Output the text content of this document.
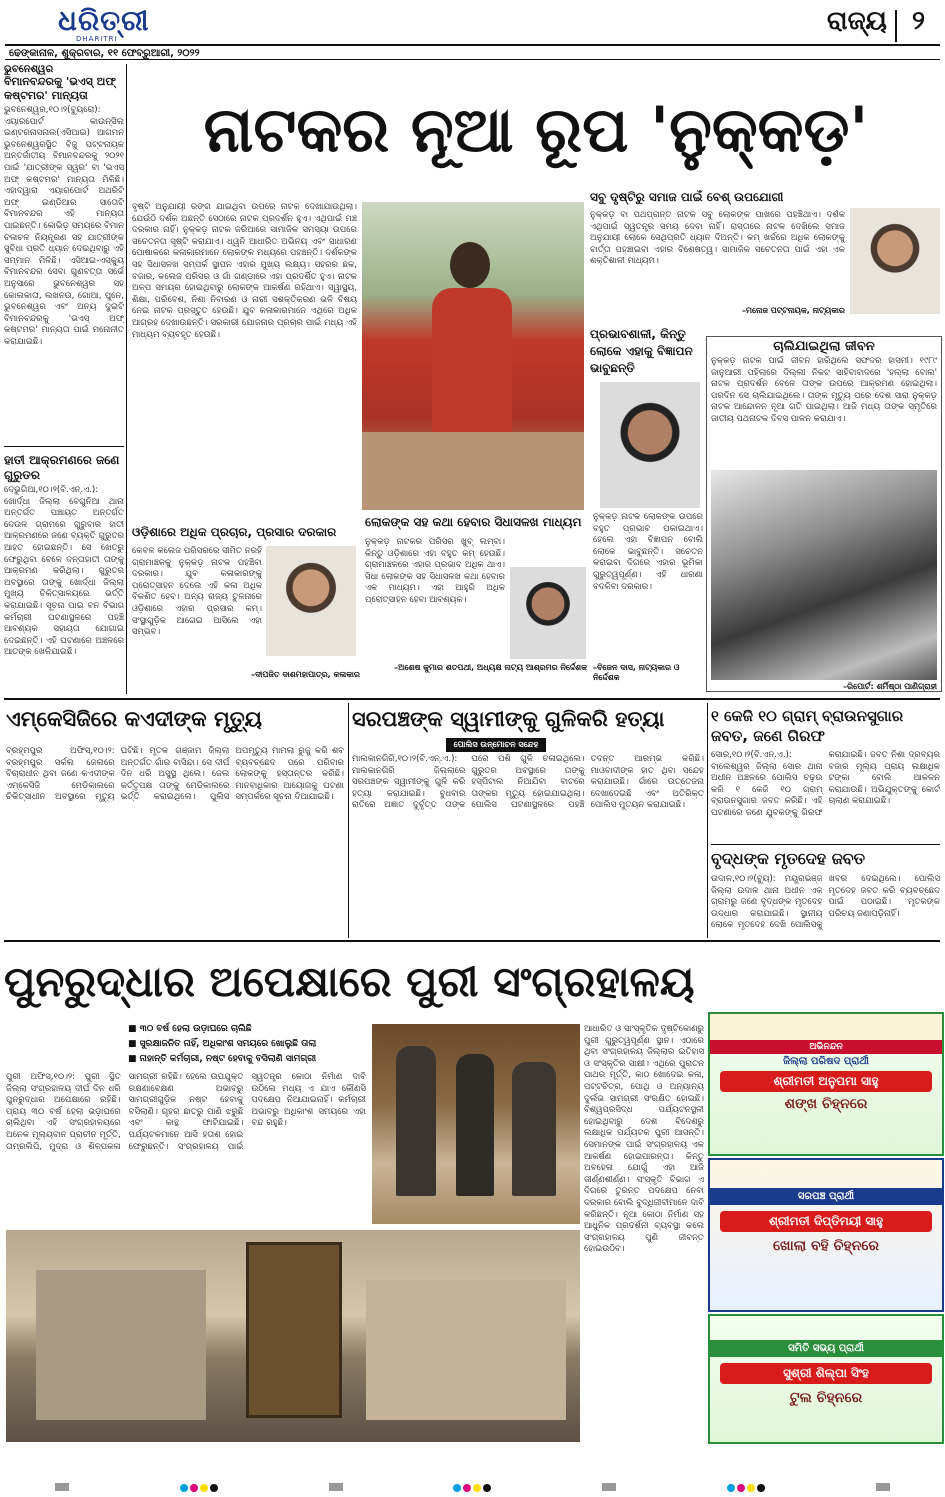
ଧରିତ୍ରୀ
DHARITRI
ରାଜ୍ୟ ୨
ଢେଙ୍କାନାଳ, ଶୁକ୍ରବାର, ୧୧ ଫେବ୍ରୁଆରୀ, ୨୦୨୨
ଭୁବନେଶ୍ୱର
ବିମାନବନ୍ଦରକୁ 'ଭଏସ୍ ଅଫ୍ କଷ୍ଟମର' ମାନ୍ୟତା
ଭୁବନେଶ୍ୱର,୧୦।୨(ବ୍ୟୁରୋ): ଏୟାରପୋର୍ଟ କାଉନ୍ସିଲ ଇଣ୍ଟରନାସନାଲ(ଏସିଆଇ) ଆଗମନ ଭୁବନେଶ୍ୱରସ୍ଥିତ ବିଜୁ ପଟ୍ଟନାୟକ ଅନ୍ତର୍ଜାତୀୟ ବିମାନବନ୍ଦରକୁ ୨୦୨୧ ପାଇଁ 'ଯାତ୍ରୀଙ୍କ ସ୍ୱର' ବା 'ଭଏସ୍ ଅଫ୍ କଷ୍ଟମର' ମାନ୍ୟତା ମିଳିଛି। ଏହାଦ୍ୱାରା ଏୟାରପୋର୍ଟ ଅଥରିଟି ଅଫ୍ ଇଣ୍ଡିଆର ସାତୋଟି ବିମାନବନ୍ଦର ଏହି ମାନ୍ୟତା ପାଇଛନ୍ତି। କୋଭିଡ଼ ସମୟରେ ବିମାନ ଚଳାଚଳ ନିୟନ୍ତ୍ରଣ ସହ ଯାତ୍ରୀଙ୍କ ସୁବିଧା ପ୍ରତି ଧ୍ୟାନ ଦେଇଥିବାରୁ ଏହି ସମ୍ମାନ ମିଳିଛି। ଏସିଆଇ-ଏସ୍‌କ୍ୟୁ ବିମାନବନ୍ଦର ସେବା ଗୁଣବତ୍ତା ସର୍ଭେ ଅନୁସାରେ ଭୁବନେଶ୍ୱର ସହ କୋଲକାତା, ଲଖନଉ, ଗୋଆ, ପୁନେ, ଭୁବନେଶ୍ୱର ଏବଂ ଅନ୍ୟ ଦୁଇଟି ବିମାନବନ୍ଦରକୁ 'ଭଏସ୍ ଅଫ୍ କଷ୍ଟମର' ମାନ୍ୟତା ପାଇଁ ମନୋନୀତ କରାଯାଇଛି।
ହାତୀ ଆକ୍ରମଣରେ ଜଣେ ଗୁରୁତର
ଦେଭୁଗିଆ,୧୦।୨(ବି.ଏନ୍.ଏ.): ଖୋର୍ଦ୍ଧା ଜିଲ୍ଲା ବେଗୁନିଆ ଥାନା ଅନ୍ତର୍ଗତ ପଞ୍ଚାୟତ ଅନ୍ତର୍ଗତ ଦେଉଳ ଗ୍ରାମରେ ଗୁରୁବାର ହାତୀ ଆକ୍ରମଣରେ ଜଣେ ବ୍ୟକ୍ତି ଗୁରୁତର ଆହତ ହୋଇଛନ୍ତି। ସେ ଖେତରୁ ଫେରୁଥିବା ବେଳେ ଦନ୍ତାହାତୀ ତାଙ୍କୁ ଆକ୍ରମଣ କରିଥିଲା। ଗୁରୁତର ଅବସ୍ଥାରେ ତାଙ୍କୁ ଖୋର୍ଦ୍ଧା ଜିଲ୍ଲା ମୁଖ୍ୟ ଚିକିତ୍ସାଳୟରେ ଭର୍ତ୍ତି କରାଯାଇଛି। ସୂଚନା ପାଇ ବନ ବିଭାଗ କର୍ମଚାରୀ ଘଟଣାସ୍ଥଳରେ ପହଞ୍ଚି ଆବଶ୍ୟକ ସହାୟତା ଯୋଗାଇ ଦେଇଛନ୍ତି। ଏହି ଘଟଣାରେ ଅଞ୍ଚଳରେ ଆତଙ୍କ ଖେଳିଯାଇଛି।
ନାଟକର ନୂଆ ରୂପ 'ନୁକ୍କଡ଼'
ବୃଷ୍ଟି ଅନୁଯାୟୀ ରଙ୍ଗ ଯାଇଥିବା ଉପରେ ନାଟକ ଦେଖାଯାଉଥିଲା। ଯେଉଁଠି ଦର୍ଶକ ଅଛନ୍ତି ସେଠାରେ ନାଟକ ପ୍ରଦର୍ଶନ ହୁଏ। ଏଥିପାଇଁ ମଞ୍ଚ ଦରକାର ନାହିଁ। ନୁକ୍କଡ଼ ନାଟକ ଜରିଆରେ ସାମାଜିକ ସମସ୍ୟା ଉପରେ ସଚେତନତା ସୃଷ୍ଟି କରାଯାଏ। ଧ୍ୱନି ଆଧାରିତ ଅଭିନୟ ଏବଂ ସାଧାରଣ ପୋଷାକରେ କଳାକାରମାନେ ଲୋକଙ୍କ ମଧ୍ୟରେ ପହଞ୍ଚନ୍ତି। ଦର୍ଶକଙ୍କ ସହ ସିଧାସଳଖ ସମ୍ପର୍କ ସ୍ଥାପନ ଏହାର ମୁଖ୍ୟ ଲକ୍ଷ୍ୟ। ସହରର ଛକ, ବଜାର, କଲେଜ ପରିସର ଓ ଗାଁ ଗଣ୍ଡାରେ ଏହା ପ୍ରଦର୍ଶିତ ହୁଏ। ନାଟକ ଅଳ୍ପ ସମୟର ହୋଇଥିବାରୁ ଲୋକଙ୍କ ଆକର୍ଷଣ ରହିଥାଏ। ସ୍ୱାସ୍ଥ୍ୟ, ଶିକ୍ଷା, ପରିବେଶ, ନିଶା ନିବାରଣ ଓ ନାରୀ ସଶକ୍ତିକରଣ ଭଳି ବିଷୟ ନେଇ ନାଟକ ପ୍ରସ୍ତୁତ ହେଉଛି। ଯୁବ କଳାକାରମାନେ ଏଥିରେ ଅଧିକ ଆଗ୍ରହ ଦେଖାଉଛନ୍ତି। ସରକାରୀ ଯୋଜନାର ପ୍ରଚାର ପାଇଁ ମଧ୍ୟ ଏହି ମାଧ୍ୟମ ବ୍ୟବହୃତ ହେଉଛି।
ଓଡ଼ିଶାରେ ଅଧିକ ପ୍ରଚାର, ପ୍ରସାର ଦରକାର
କେବଳ କଲେଜ ପରିସରରେ ସୀମିତ ନରହି ଗ୍ରାମାଞ୍ଚଳକୁ ନୁକ୍କଡ଼ ନାଟକ ପହଞ୍ଚିବା ଦରକାର। ଯୁବ କଳାକାରଙ୍କୁ ପ୍ରୋତ୍ସାହନ ଦେଲେ ଏହି କଳା ଅଧିକ ବିକଶିତ ହେବ। ଅନ୍ୟ ରାଜ୍ୟ ତୁଳନାରେ ଓଡ଼ିଶାରେ ଏହାର ପ୍ରସାର କମ୍। ସଂସ୍ଥାଗୁଡ଼ିକ ଆଗେଇ ଆସିଲେ ଏହା ସମ୍ଭବ।
–ଦୀପଜିତ ଦାଶମହାପାତ୍ର, କଳାକାର
ଲୋକଙ୍କ ସହ କଥା ହେବାର ସିଧାସଳଖ ମାଧ୍ୟମ
ନୁକ୍କଡ଼ ନାଟକର ପରିସର ଖୁବ୍ ଲମ୍ବା। କିନ୍ତୁ ଓଡ଼ିଶାରେ ଏହା ବହୁତ କମ୍ ହେଉଛି। ଗ୍ରାମାଞ୍ଚଳରେ ଏହାର ପ୍ରଭାବ ଅଧିକ ଥାଏ। ସିଧା ଲୋକଙ୍କ ସହ ସିଧାସଳଖ କଥା ହେବାର ଏକ ମାଧ୍ୟମ। ଏହା ଆହୁରି ଅଧିକ ପ୍ରୋତ୍ସାହନ ହେବା ଆବଶ୍ୟକ।
–ଅଶେଷ କୁମାର ଶତପଥୀ, ଅଧ୍ୟକ୍ଷ ନାଟ୍ୟ ଆଶ୍ରମର ନିର୍ଦ୍ଦେଶକ
ସବୁ ଦୃଷ୍ଟିରୁ ସମାଜ ପାଇଁ ବେଶ୍ ଉପଯୋଗୀ
ନୁକ୍କଡ଼ ବା ପଥପ୍ରାନ୍ତ ନାଟକ ସବୁ ଲୋକଙ୍କ ପାଖରେ ପହଞ୍ଚିଥାଏ। ଦର୍ଶକ ଏଥିପାଇଁ ସ୍ୱତନ୍ତ୍ର ସମୟ ଦେବା ନାହିଁ। ରାସ୍ତାରେ ନାଟକ ଦେଖିଲେ ସମାଜ ଅନୁଯାୟୀ ଲୋକେ ସେଥିପ୍ରତି ଧ୍ୟାନ ଦିଅନ୍ତି। କମ୍ ଖର୍ଚ୍ଚରେ ଅଧିକ ଲୋକଙ୍କୁ ବାର୍ତ୍ତା ପହଞ୍ଚାଇବା ଏହାର ବିଶେଷତ୍ୱ। ସାମାଜିକ ସଚେତନତା ପାଇଁ ଏହା ଏକ ଶକ୍ତିଶାଳୀ ମାଧ୍ୟମ।
–ମନୋଜ ପଟ୍ଟନାୟକ, ନାଟ୍ୟକାର
ପ୍ରଭାବଶାଳୀ, କିନ୍ତୁ ଲୋକେ ଏହାକୁ ବିଜ୍ଞାପନ ଭାବୁଛନ୍ତି
ନୁକ୍କଡ଼ ନାଟକ ଲୋକଙ୍କ ଉପରେ ବହୁତ ପ୍ରଭାବ ପକାଇଥାଏ। ହେଲେ ଏହା ବିଜ୍ଞାପନ ବୋଲି ଲୋକେ ଭାବୁଛନ୍ତି। ସଚେତନ କରାଇବା ଦିଗରେ ଏହାର ଭୂମିକା ଗୁରୁତ୍ୱପୂର୍ଣ୍ଣ। ଏହି ଧାରଣା ବଦଳିବା ଦରକାର।
–ବିଜେନ ଦାସ, ନାଟ୍ୟକାର ଓ ନିର୍ଦ୍ଦେଶକ
ଚାଲିଯାଇଥିଲା ଜୀବନ
ନୁକ୍କଡ଼ ନାଟକ ପାଇଁ ଜୀବନ ହାରିଥିଲେ ସଫଦର ହାସମୀ। ୧୯୮୯ ଜାନୁଆରୀ ପହିଲାରେ ଦିଲ୍ଲୀ ନିକଟ ସାହିବାବାଦରେ 'ହଲ୍ଲା ବୋଲ' ନାଟକ ପ୍ରଦର୍ଶନ ବେଳେ ତାଙ୍କ ଉପରେ ଆକ୍ରମଣ ହୋଇଥିଲା। ପରଦିନ ସେ ଚାଲିଯାଇଥିଲେ। ତାଙ୍କ ମୃତ୍ୟୁ ପରେ ଦେଶ ସାରା ନୁକ୍କଡ଼ ନାଟକ ଆନ୍ଦୋଳନ ନୂଆ ଗତି ପାଇଥିଲା। ଆଜି ମଧ୍ୟ ତାଙ୍କ ସ୍ମୃତିରେ ଜାତୀୟ ପଥନାଟକ ଦିବସ ପାଳନ କରାଯାଏ।
–ରିପୋର୍ଟ: ଶର୍ମିଷ୍ଠା ପାଣିଗ୍ରାହୀ
ଏମ୍‌କେସିଜିରେ କଏଦୀଙ୍କ ମୃତ୍ୟୁ
ବ୍ରହ୍ମପୁର ଅଫିସ୍,୧୦।୨: ବ୍ରହ୍ମପୁର ସର୍କଲ ଜେଲରେ ବିଚାରାଧୀନ ଥିବା ଜଣେ କଏଦୀଙ୍କ ଏମ୍‌କେସିଜି ମେଡିକାଲରେ ଚିକିତ୍ସାଧୀନ ଅବସ୍ଥାରେ ମୃତ୍ୟୁ ଘଟିଛି। ମୃତକ ଗଞ୍ଜାମ ଜିଲ୍ଲା ଅନ୍ତର୍ଗତ ଗାଁର ବାସିନ୍ଦା। ସେ ଦୀର୍ଘ ଦିନ ଧରି ଅସୁସ୍ଥ ଥିଲେ। ଜେଲ କର୍ତ୍ତୃପକ୍ଷ ତାଙ୍କୁ ମେଡିକାଲରେ ଭର୍ତ୍ତି କରାଇଥିଲେ। ପୁଲିସ ଅପମୃତ୍ୟୁ ମାମଲା ରୁଜୁ କରି ଶବ ବ୍ୟବଚ୍ଛେଦ ପରେ ପରିବାର ଲୋକଙ୍କୁ ହସ୍ତାନ୍ତର କରିଛି। ମାନବାଧିକାର ଆୟୋଗକୁ ଘଟଣା ସମ୍ପର୍କରେ ସୂଚନା ଦିଆଯାଇଛି।
ସରପଞ୍ଚଙ୍କ ସ୍ୱାମୀଙ୍କୁ ଗୁଳିକରି ହତ୍ୟା
ପୋଲିସ ଉନ୍ମୋଚନ ସନ୍ଦେହ
ମାଲକାନଗିରି,୧୦।୨(ବି.ଏନ୍.ଏ.): ମାଲକାନଗିରି ଜିଲ୍ଲାରେ ସରପଞ୍ଚଙ୍କ ସ୍ୱାମୀଙ୍କୁ ଗୁଳି କରି ହତ୍ୟା କରାଯାଇଛି। ବୁଧବାର ରାତିରେ ଅଜ୍ଞାତ ଦୁର୍ବୃତ୍ତ ତାଙ୍କ ଘରେ ପଶି ଗୁଳି ଚଳାଇଥିଲେ। ଗୁରୁତର ଅବସ୍ଥାରେ ତାଙ୍କୁ ହସ୍ପିଟାଲ ନିଆଯିବା ବାଟରେ ତାଙ୍କର ମୃତ୍ୟୁ ହୋଇଯାଇଥିଲା। ପୋଲିସ ଘଟଣାସ୍ଥଳରେ ପହଞ୍ଚି ତଦନ୍ତ ଆରମ୍ଭ କରିଛି। ମାଓବାଦୀଙ୍କ ହାତ ଥିବା ସନ୍ଦେହ କରାଯାଉଛି। ଗାଁରେ ଉତ୍ତେଜନା ଦେଖାଦେଇଛି ଏବଂ ଅତିରିକ୍ତ ପୋଲିସ ମୁତୟନ କରାଯାଇଛି।
୧ କେଜି ୧୦ ଗ୍ରାମ୍ ବ୍ରାଉନସୁଗାର ଜବତ, ଜଣେ ଗିରଫ
ସୋର,୧୦।୨(ବି.ଏନ୍.ଏ.): ବାଲେଶ୍ୱର ଜିଲ୍ଲା ସୋର ଥାନା ଅଧୀନ ଅଞ୍ଚଳରେ ପୋଲିସ ଚଢ଼ଉ କରି ୧ କେଜି ୧୦ ଗ୍ରାମ୍ ବ୍ରାଉନସୁଗାର ଜବତ କରିଛି। ଏହି ଘଟଣାରେ ଜଣେ ଯୁବକଙ୍କୁ ଗିରଫ କରାଯାଇଛି। ଜବତ ନିଶା ଦ୍ରବ୍ୟର ବଜାର ମୂଲ୍ୟ ପ୍ରାୟ ଲକ୍ଷାଧିକ ଟଙ୍କା ବୋଲି ଆକଳନ କରାଯାଉଛି। ଅଭିଯୁକ୍ତଙ୍କୁ କୋର୍ଟ ଚାଲାଣ କରାଯାଇଛି।
ବୃଦ୍ଧଙ୍କ ମୃତଦେହ ଜବତ
ଉଦାଳ,୧୦।୨(ବ୍ୟୁ): ମୟୂରଭଞ୍ଜ ଜିଲ୍ଲା ଉଦାଳ ଥାନା ଅଧୀନ ଏକ ଗ୍ରାମରୁ ଜଣେ ବୃଦ୍ଧଙ୍କ ମୃତଦେହ ଉଦ୍ଧାର କରାଯାଇଛି। ସ୍ଥାନୀୟ ଲୋକେ ମୃତଦେହ ଦେଖି ପୋଲିସକୁ ଖବର ଦେଇଥିଲେ। ପୋଲିସ ମୃତଦେହ ଜବତ କରି ବ୍ୟବଚ୍ଛେଦ ପାଇଁ ପଠାଇଛି। ମୃତକଙ୍କ ପରିଚୟ ଜଣାପଡ଼ିନାହିଁ।
ପୁନରୁଦ୍ଧାର ଅପେକ୍ଷାରେ ପୁରୀ ସଂଗ୍ରହାଳୟ
■ ୩୦ ବର୍ଷ ହେଲା ଉଡ଼ାଘରେ ଚାଲିଛି
■ ସୁରକ୍ଷାଜନିତ ନାହିଁ, ଅଧିକାଂଶ ସମୟରେ ଖୋଲୁଛି ତାଲା
■ ନାହାନ୍ତି କର୍ମଚାରୀ, ନଷ୍ଟ ହେବାକୁ ବସିଲାଣି ସାମଗ୍ରୀ
ପୁରୀ ଅଫିସ୍,୧୦।୨: ପୁରୀ ସ୍ଥିତ ଜିଲ୍ଲା ସଂଗ୍ରହାଳୟ ଦୀର୍ଘ ଦିନ ଧରି ପୁନରୁଦ୍ଧାର ଅପେକ୍ଷାରେ ରହିଛି। ପ୍ରାୟ ୩୦ ବର୍ଷ ହେଲା ଭଡ଼ାଘରେ ଚାଲିଥିବା ଏହି ସଂଗ୍ରହାଳୟରେ ଅନେକ ମୂଲ୍ୟବାନ ପ୍ରାଚୀନ ମୂର୍ତ୍ତି, ତାମ୍ରଲିପି, ମୁଦ୍ରା ଓ ଶିଳ୍ପକଳା ସାମଗ୍ରୀ ରହିଛି। ହେଲେ ଉପଯୁକ୍ତ ରକ୍ଷଣାବେକ୍ଷଣ ଅଭାବରୁ ସାମଗ୍ରୀଗୁଡ଼ିକ ନଷ୍ଟ ହେବାକୁ ବସିଲାଣି। ଗୃହର ଛାତରୁ ପାଣି ଝରୁଛି ଏବଂ କାନ୍ଥ ଫାଟିଯାଇଛି। ପର୍ଯ୍ୟଟକମାନେ ଆସି ହତାଶ ହୋଇ ଫେରୁଛନ୍ତି। ସଂଗ୍ରହାଳୟ ପାଇଁ ସ୍ୱତନ୍ତ୍ର କୋଠା ନିର୍ମାଣ ଦାବି ଉଠିଲେ ମଧ୍ୟ ଏ ଯାଏ କୌଣସି ପଦକ୍ଷେପ ନିଆଯାଇନାହିଁ। କର୍ମଚାରୀ ଅଭାବରୁ ଅଧିକାଂଶ ସମୟରେ ଏହା ବନ୍ଦ ରହୁଛି।
ଆଧାରିତ ଓ ସାଂସ୍କୃତିକ ଦୃଷ୍ଟିକୋଣରୁ ପୁରୀ ଗୁରୁତ୍ୱପୂର୍ଣ୍ଣ ସ୍ଥାନ। ଏଠାରେ ଥିବା ସଂଗ୍ରହାଳୟ ଜିଲ୍ଲାର ଇତିହାସ ଓ ସଂସ୍କୃତିର ସାକ୍ଷୀ। ଏଥିରେ ପୁରାତନ ପାଥର ମୂର୍ତ୍ତି, କାଠ ଖୋଦେଇ କଳା, ପଟ୍ଟଚିତ୍ର, ପୋଥି ଓ ଅନ୍ୟାନ୍ୟ ଦୁର୍ଲଭ ସାମଗ୍ରୀ ସଂରକ୍ଷିତ ହୋଇଛି। ବିଶ୍ୱପ୍ରସିଦ୍ଧ ପର୍ଯ୍ୟଟନସ୍ଥଳୀ ହୋଇଥିବାରୁ ଦେଶ ବିଦେଶରୁ ଲକ୍ଷାଧିକ ପର୍ଯ୍ୟଟକ ପୁରୀ ଆସନ୍ତି। ସେମାନଙ୍କ ପାଇଁ ସଂଗ୍ରହାଳୟ ଏକ ଆକର୍ଷଣ ହୋଇପାରନ୍ତା। କିନ୍ତୁ ଅବହେଳା ଯୋଗୁଁ ଏହା ଆଜି ଜୀର୍ଣ୍ଣଶୀର୍ଣ୍ଣ। ସଂସ୍କୃତି ବିଭାଗ ଏ ଦିଗରେ ତୁରନ୍ତ ପଦକ୍ଷେପ ନେବା ଦରକାର ବୋଲି ବୁଦ୍ଧିଜୀବୀମାନେ ଦାବି କରିଛନ୍ତି। ନୂଆ କୋଠା ନିର୍ମାଣ ସହ ଆଧୁନିକ ପ୍ରଦର୍ଶନୀ ବ୍ୟବସ୍ଥା କଲେ ସଂଗ୍ରହାଳୟ ପୁଣି ଜୀବନ୍ତ ହୋଇଉଠିବ।
ଅଭିନନ୍ଦନ
ଜିଲ୍ଲା ପରିଷଦ ପ୍ରାର୍ଥୀ
ଶ୍ରୀମତୀ ଅନୁପମା ସାହୁ
ଶଙ୍ଖ ଚିହ୍ନରେ
ସରପଞ୍ଚ ପ୍ରାର୍ଥୀ
ଶ୍ରୀମତୀ ଦିପ୍ତିମୟୀ ସାହୁ
ଖୋଲା ବହି ଚିହ୍ନରେ
ସମିତି ସଭ୍ୟ ପ୍ରାର୍ଥୀ
ସୁଶ୍ରୀ ଶିଲ୍ପା ସିଂହ
ଟୁଲ ଚିହ୍ନରେ
